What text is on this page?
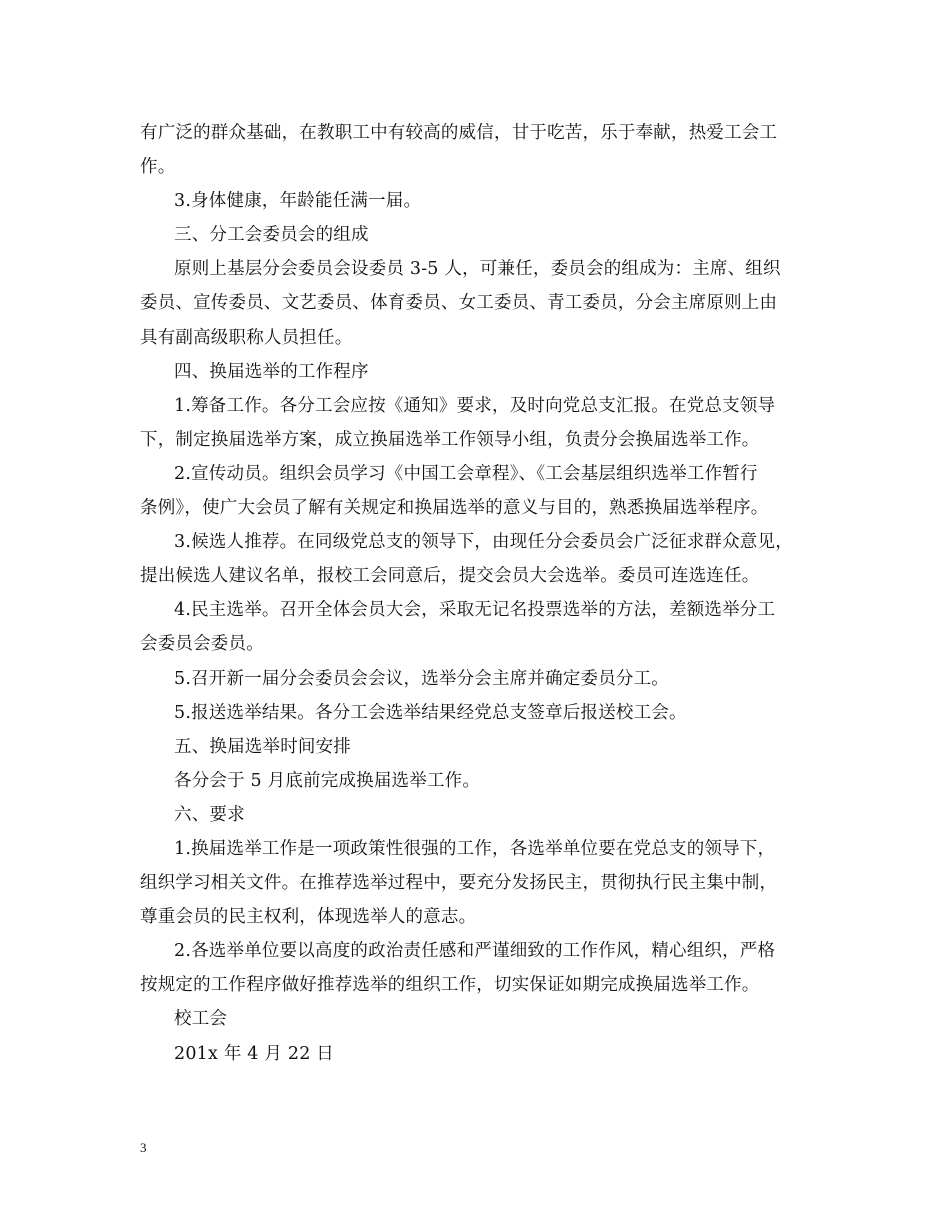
有广泛的群众基础，在教职工中有较高的威信，甘于吃苦，乐于奉献，热爱工会工
作。
3.身体健康，年龄能任满一届。
三、分工会委员会的组成
原则上基层分会委员会设委员 3-5 人，可兼任，委员会的组成为：主席、组织
委员、宣传委员、文艺委员、体育委员、女工委员、青工委员，分会主席原则上由
具有副高级职称人员担任。
四、换届选举的工作程序
1.筹备工作。各分工会应按《通知》要求，及时向党总支汇报。在党总支领导
下，制定换届选举方案，成立换届选举工作领导小组，负责分会换届选举工作。
2.宣传动员。组织会员学习《中国工会章程》、《工会基层组织选举工作暂行
条例》，使广大会员了解有关规定和换届选举的意义与目的，熟悉换届选举程序。
3.候选人推荐。在同级党总支的领导下，由现任分会委员会广泛征求群众意见，
提出候选人建议名单，报校工会同意后，提交会员大会选举。委员可连选连任。
4.民主选举。召开全体会员大会，采取无记名投票选举的方法，差额选举分工
会委员会委员。
5.召开新一届分会委员会会议，选举分会主席并确定委员分工。
5.报送选举结果。各分工会选举结果经党总支签章后报送校工会。
五、换届选举时间安排
各分会于 5 月底前完成换届选举工作。
六、要求
1.换届选举工作是一项政策性很强的工作，各选举单位要在党总支的领导下，
组织学习相关文件。在推荐选举过程中，要充分发扬民主，贯彻执行民主集中制，
尊重会员的民主权利，体现选举人的意志。
2.各选举单位要以高度的政治责任感和严谨细致的工作作风，精心组织，严格
按规定的工作程序做好推荐选举的组织工作，切实保证如期完成换届选举工作。
校工会
201x 年 4 月 22 日
3
